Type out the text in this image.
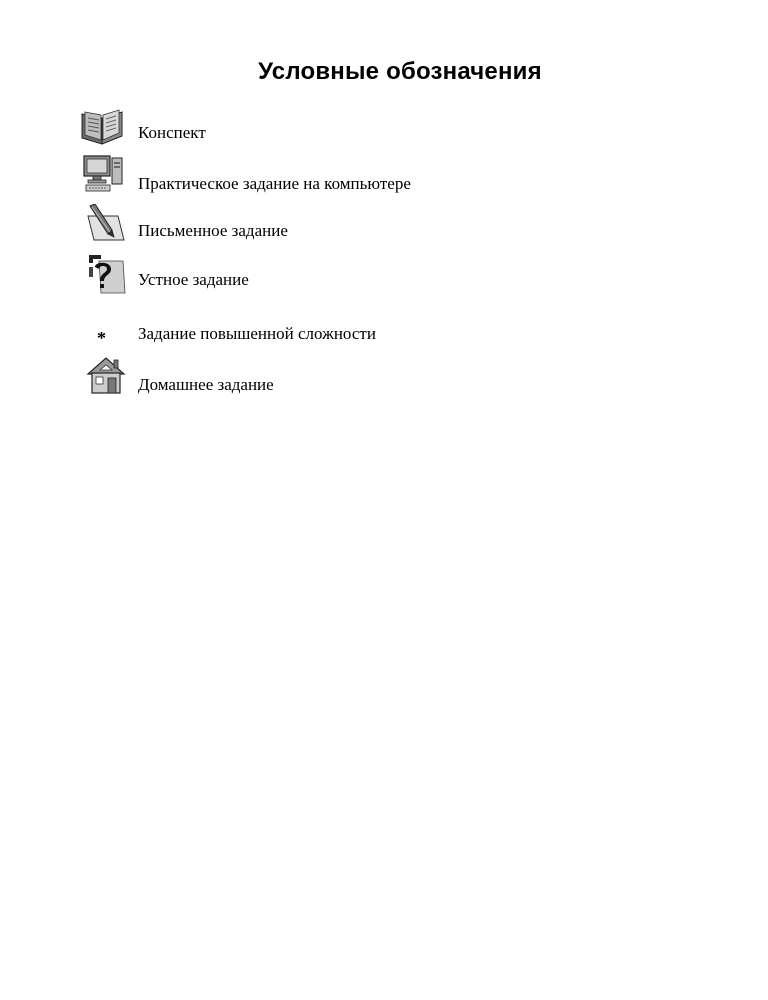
Условные обозначения
Конспект
Практическое задание на компьютере
Письменное задание
Устное задание
* Задание повышенной сложности
Домашнее задание
